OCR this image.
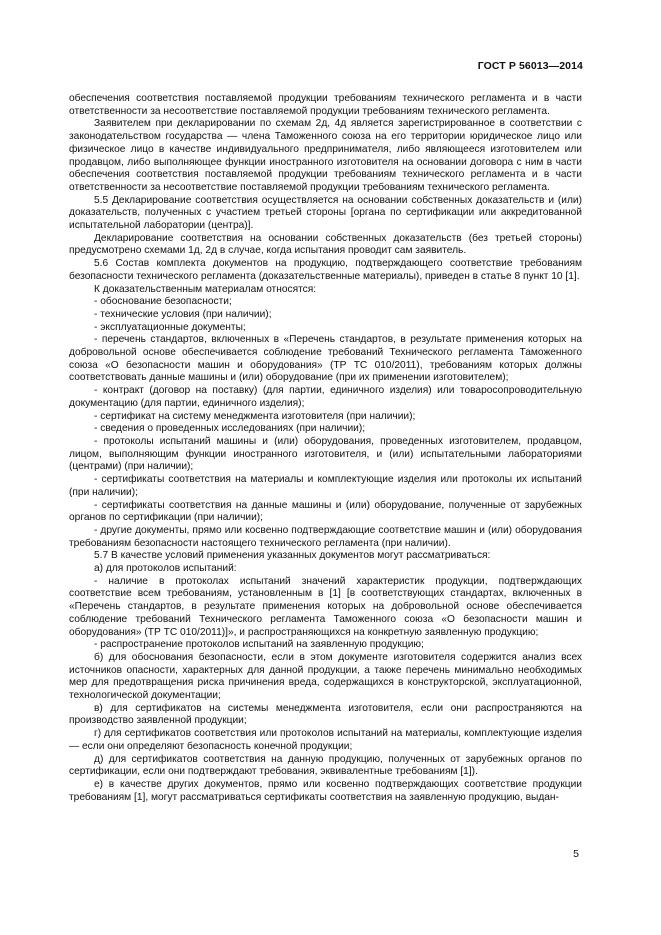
ГОСТ Р 56013—2014

обеспечения соответствия поставляемой продукции требованиям технического регламента и в части ответственности за несоответствие поставляемой продукции требованиям технического регламента.

Заявителем при декларировании по схемам 2д, 4д является зарегистрированное в соответствии с законодательством государства — члена Таможенного союза на его территории юридическое лицо или физическое лицо в качестве индивидуального предпринимателя, либо являющееся изготовителем или продавцом, либо выполняющее функции иностранного изготовителя на основании договора с ним в части обеспечения соответствия поставляемой продукции требованиям технического регламента и в части ответственности за несоответствие поставляемой продукции требованиям технического регламента.

5.5 Декларирование соответствия осуществляется на основании собственных доказательств и (или) доказательств, полученных с участием третьей стороны [органа по сертификации или аккредитованной испытательной лаборатории (центра)].

Декларирование соответствия на основании собственных доказательств (без третьей стороны) предусмотрено схемами 1д, 2д в случае, когда испытания проводит сам заявитель.

5.6 Состав комплекта документов на продукцию, подтверждающего соответствие требованиям безопасности технического регламента (доказательственные материалы), приведен в статье 8 пункт 10 [1].

К доказательственным материалам относятся:

- обоснование безопасности;

- технические условия (при наличии);

- эксплуатационные документы;

- перечень стандартов, включенных в «Перечень стандартов, в результате применения которых на добровольной основе обеспечивается соблюдение требований Технического регламента Таможенного союза «О безопасности машин и оборудования» (ТР ТС 010/2011), требованиям которых должны соответствовать данные машины и (или) оборудование (при их применении изготовителем);

- контракт (договор на поставку) (для партии, единичного изделия) или товаросопроводительную документацию (для партии, единичного изделия);

- сертификат на систему менеджмента изготовителя (при наличии);

- сведения о проведенных исследованиях (при наличии);

- протоколы испытаний машины и (или) оборудования, проведенных изготовителем, продавцом, лицом, выполняющим функции иностранного изготовителя, и (или) испытательными лабораториями (центрами) (при наличии);

- сертификаты соответствия на материалы и комплектующие изделия или протоколы их испытаний (при наличии);

- сертификаты соответствия на данные машины и (или) оборудование, полученные от зарубежных органов по сертификации (при наличии);

- другие документы, прямо или косвенно подтверждающие соответствие машин и (или) оборудования требованиям безопасности настоящего технического регламента (при наличии).

5.7 В качестве условий применения указанных документов могут рассматриваться:

а) для протоколов испытаний:

- наличие в протоколах испытаний значений характеристик продукции, подтверждающих соответствие всем требованиям, установленным в [1] [в соответствующих стандартах, включенных в «Перечень стандартов, в результате применения которых на добровольной основе обеспечивается соблюдение требований Технического регламента Таможенного союза «О безопасности машин и оборудования» (ТР ТС 010/2011)]», и распространяющихся на конкретную заявленную продукцию;

- распространение протоколов испытаний на заявленную продукцию;

б) для обоснования безопасности, если в этом документе изготовителя содержится анализ всех источников опасности, характерных для данной продукции, а также перечень минимально необходимых мер для предотвращения риска причинения вреда, содержащихся в конструкторской, эксплуатационной, технологической документации;

в) для сертификатов на системы менеджмента изготовителя, если они распространяются на производство заявленной продукции;

г) для сертификатов соответствия или протоколов испытаний на материалы, комплектующие изделия — если они определяют безопасность конечной продукции;

д) для сертификатов соответствия на данную продукцию, полученных от зарубежных органов по сертификации, если они подтверждают требования, эквивалентные требованиям [1]).

е) в качестве других документов, прямо или косвенно подтверждающих соответствие продукции требованиям [1], могут рассматриваться сертификаты соответствия на заявленную продукцию, выдан-

5
